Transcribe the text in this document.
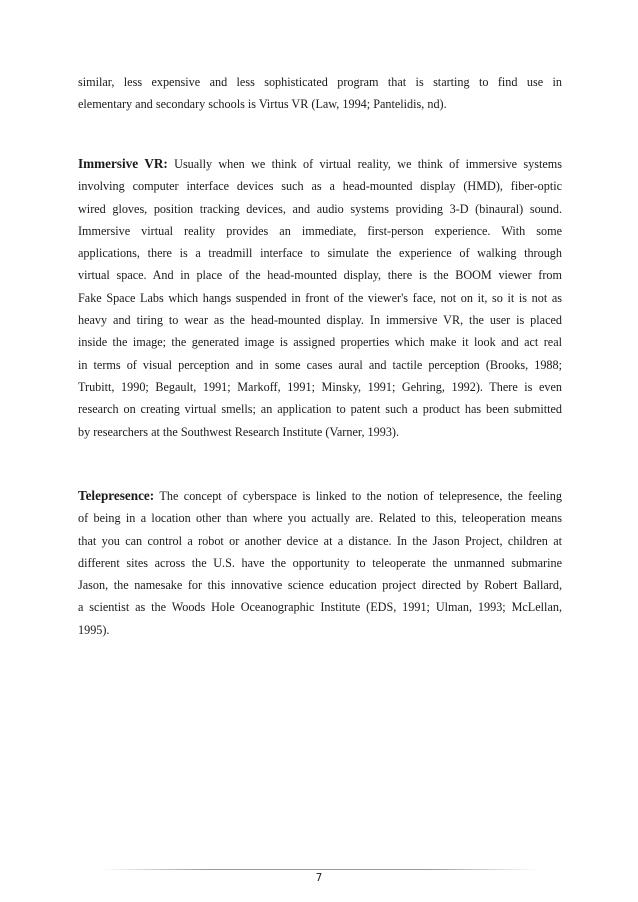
similar, less expensive and less sophisticated program that is starting to find use in
elementary and secondary schools is Virtus VR (Law, 1994; Pantelidis, nd).
Immersive VR: Usually when we think of virtual reality, we think of immersive systems
involving computer interface devices such as a head-mounted display (HMD), fiber-optic
wired gloves, position tracking devices, and audio systems providing 3-D (binaural) sound.
Immersive virtual reality provides an immediate, first-person experience. With some
applications, there is a treadmill interface to simulate the experience of walking through
virtual space. And in place of the head-mounted display, there is the BOOM viewer from
Fake Space Labs which hangs suspended in front of the viewer's face, not on it, so it is not as
heavy and tiring to wear as the head-mounted display. In immersive VR, the user is placed
inside the image; the generated image is assigned properties which make it look and act real
in terms of visual perception and in some cases aural and tactile perception (Brooks, 1988;
Trubitt, 1990; Begault, 1991; Markoff, 1991; Minsky, 1991; Gehring, 1992). There is even
research on creating virtual smells; an application to patent such a product has been submitted
by researchers at the Southwest Research Institute (Varner, 1993).
Telepresence: The concept of cyberspace is linked to the notion of telepresence, the feeling
of being in a location other than where you actually are. Related to this, teleoperation means
that you can control a robot or another device at a distance. In the Jason Project, children at
different sites across the U.S. have the opportunity to teleoperate the unmanned submarine
Jason, the namesake for this innovative science education project directed by Robert Ballard,
a scientist as the Woods Hole Oceanographic Institute (EDS, 1991; Ulman, 1993; McLellan,
1995).
7
